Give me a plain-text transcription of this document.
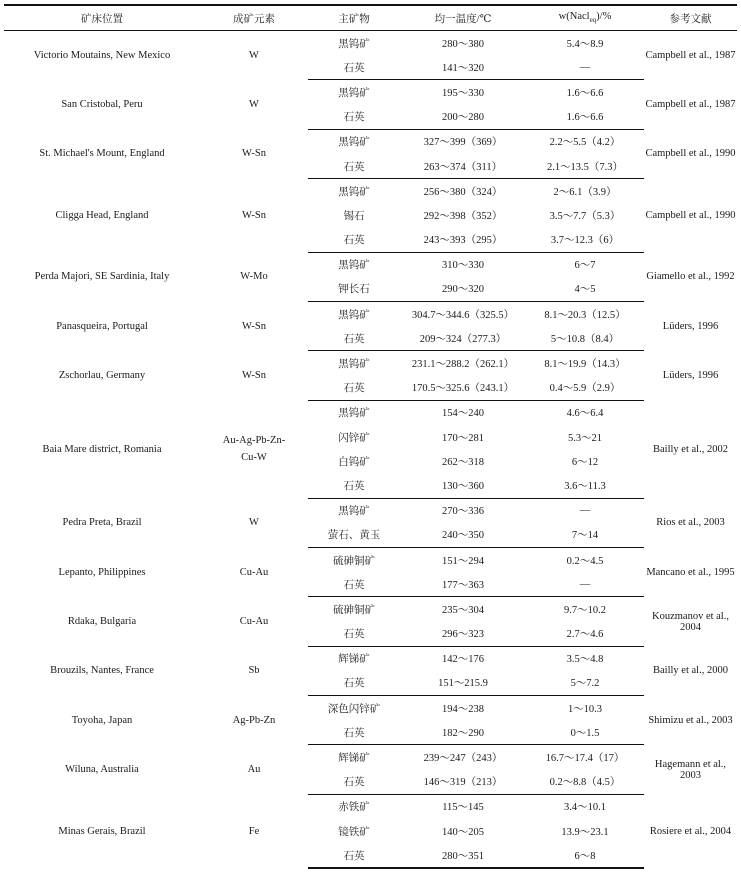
矿床位置	成矿元素	主矿物	均一温度/℃	w(Nacl$_{eq}$)/%	参考文献
Victorio Moutains, New Mexico	W	黑钨矿	280～380	5.4～8.9	Campbell et al., 1987
		石英	141～320	—	
San Cristobal, Peru	W	黑钨矿	195～330	1.6～6.6	Campbell et al., 1987
		石英	200～280	1.6～6.6	
St. Michael's Mount, England	W-Sn	黑钨矿	327～399（369）	2.2～5.5（4.2）	Campbell et al., 1990
		石英	263～374（311）	2.1～13.5（7.3）	
Cligga Head, England	W-Sn	黑钨矿	256～380（324）	2～6.1（3.9）	Campbell et al., 1990
		锡石	292～398（352）	3.5～7.7（5.3）	
		石英	243～393（295）	3.7～12.3（6）	
Perda Majori, SE Sardinia, Italy	W-Mo	黑钨矿	310～330	6～7	Giamello et al., 1992
		钾长石	290～320	4～5	
Panasqueira, Portugal	W-Sn	黑钨矿	304.7～344.6（325.5）	8.1～20.3（12.5）	Lüders, 1996
		石英	209～324（277.3）	5～10.8（8.4）	
Zschorlau, Germany	W-Sn	黑钨矿	231.1～288.2（262.1）	8.1～19.9（14.3）	Lüders, 1996
		石英	170.5～325.6（243.1）	0.4～5.9（2.9）	
Baia Mare district, Romania	Au-Ag-Pb-Zn-
Cu-W	黑钨矿	154～240	4.6～6.4	Bailly et al., 2002
		闪锌矿	170～281	5.3～21	
		白钨矿	262～318	6～12	
		石英	130～360	3.6～11.3	
Pedra Preta, Brazil	W	黑钨矿	270～336	—	Rios et al., 2003
		萤石、黄玉	240～350	7～14	
Lepanto, Philippines	Cu-Au	硫砷铜矿	151～294	0.2～4.5	Mancano et al., 1995
		石英	177～363	—	
Rdaka, Bulgaria	Cu-Au	硫砷铜矿	235～304	9.7～10.2	Kouzmanov et al., 2004
		石英	296～323	2.7～4.6	
Brouzils, Nantes, France	Sb	辉锑矿	142～176	3.5～4.8	Bailly et al., 2000
		石英	151～215.9	5～7.2	
Toyoha, Japan	Ag-Pb-Zn	深色闪锌矿	194～238	1～10.3	Shimizu et al., 2003
		石英	182～290	0～1.5	
Wiluna, Australia	Au	辉锑矿	239～247（243）	16.7～17.4（17）	Hagemann et al., 2003
		石英	146～319（213）	0.2～8.8（4.5）	
Minas Gerais, Brazil	Fe	赤铁矿	115～145	3.4～10.1	Rosiere et al., 2004
		镜铁矿	140～205	13.9～23.1	
		石英	280～351	6～8	
